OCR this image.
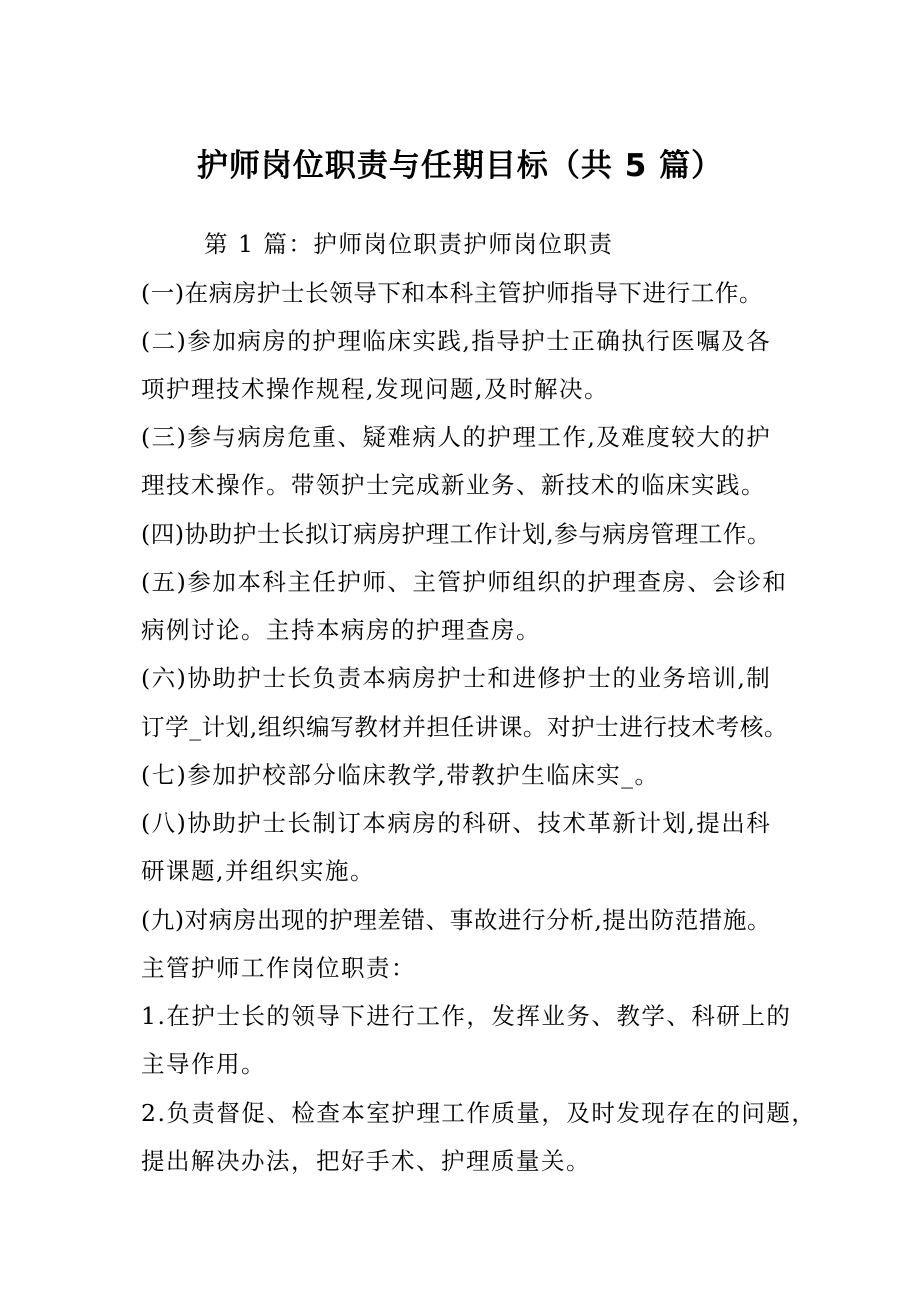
护师岗位职责与任期目标（共 5 篇）
第 1 篇：护师岗位职责护师岗位职责
(一)在病房护士长领导下和本科主管护师指导下进行工作。
(二)参加病房的护理临床实践,指导护士正确执行医嘱及各
项护理技术操作规程,发现问题,及时解决。
(三)参与病房危重、疑难病人的护理工作,及难度较大的护
理技术操作。带领护士完成新业务、新技术的临床实践。
(四)协助护士长拟订病房护理工作计划,参与病房管理工作。
(五)参加本科主任护师、主管护师组织的护理查房、会诊和
病例讨论。主持本病房的护理查房。
(六)协助护士长负责本病房护士和进修护士的业务培训,制
订学_计划,组织编写教材并担任讲课。对护士进行技术考核。
(七)参加护校部分临床教学,带教护生临床实_。
(八)协助护士长制订本病房的科研、技术革新计划,提出科
研课题,并组织实施。
(九)对病房出现的护理差错、事故进行分析,提出防范措施。
主管护师工作岗位职责：
1.在护士长的领导下进行工作，发挥业务、教学、科研上的
主导作用。
2.负责督促、检查本室护理工作质量，及时发现存在的问题，
提出解决办法，把好手术、护理质量关。
